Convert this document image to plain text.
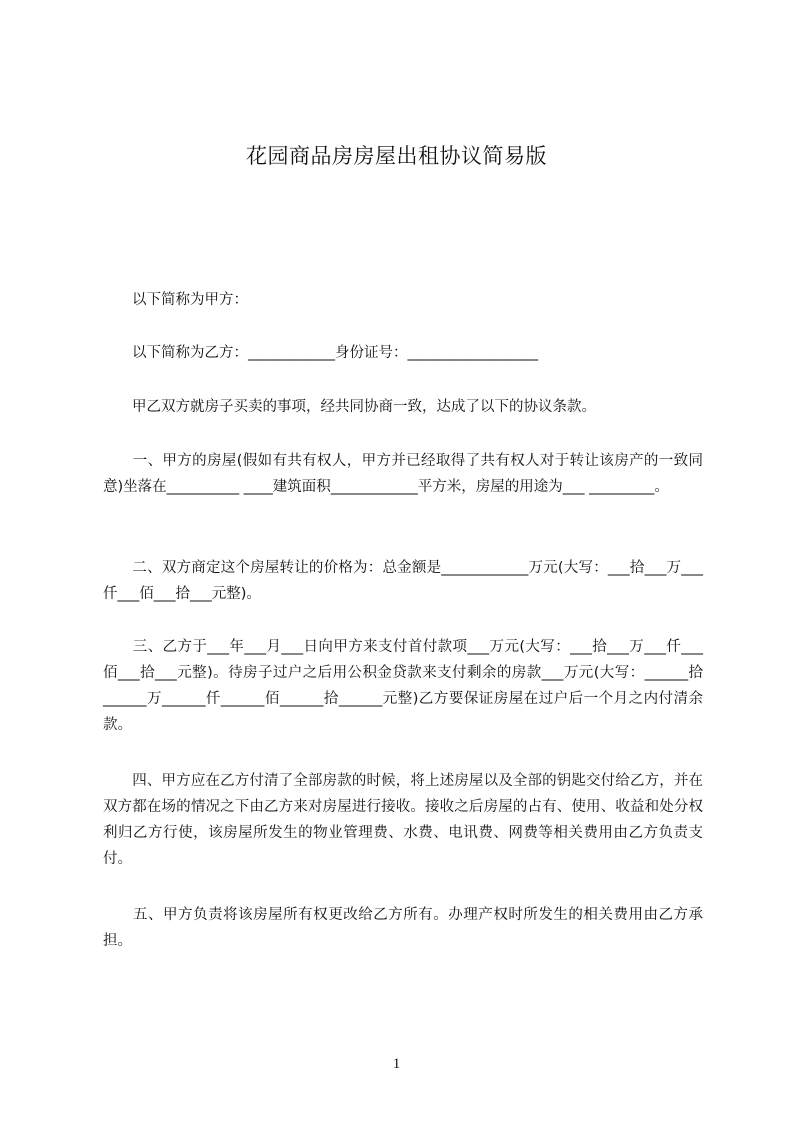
花园商品房房屋出租协议简易版

　　以下简称为甲方：

　　以下简称为乙方：____________身份证号：__________________

　　甲乙双方就房子买卖的事项，经共同协商一致，达成了以下的协议条款。

　　一、甲方的房屋(假如有共有权人，甲方并已经取得了共有权人对于转让该房产的一致同意)坐落在__________ ____建筑面积____________平方米，房屋的用途为___ _________。

　　二、双方商定这个房屋转让的价格为：总金额是____________万元(大写：___拾___万___仟___佰___拾___元整)。

　　三、乙方于___年___月___日向甲方来支付首付款项___万元(大写：___拾___万___仟___佰___拾___元整)。待房子过户之后用公积金贷款来支付剩余的房款___万元(大写：______拾______万______仟______佰______拾______元整)乙方要保证房屋在过户后一个月之内付清余款。

　　四、甲方应在乙方付清了全部房款的时候，将上述房屋以及全部的钥匙交付给乙方，并在双方都在场的情况之下由乙方来对房屋进行接收。接收之后房屋的占有、使用、收益和处分权利归乙方行使，该房屋所发生的物业管理费、水费、电讯费、网费等相关费用由乙方负责支付。

　　五、甲方负责将该房屋所有权更改给乙方所有。办理产权时所发生的相关费用由乙方承担。

1
